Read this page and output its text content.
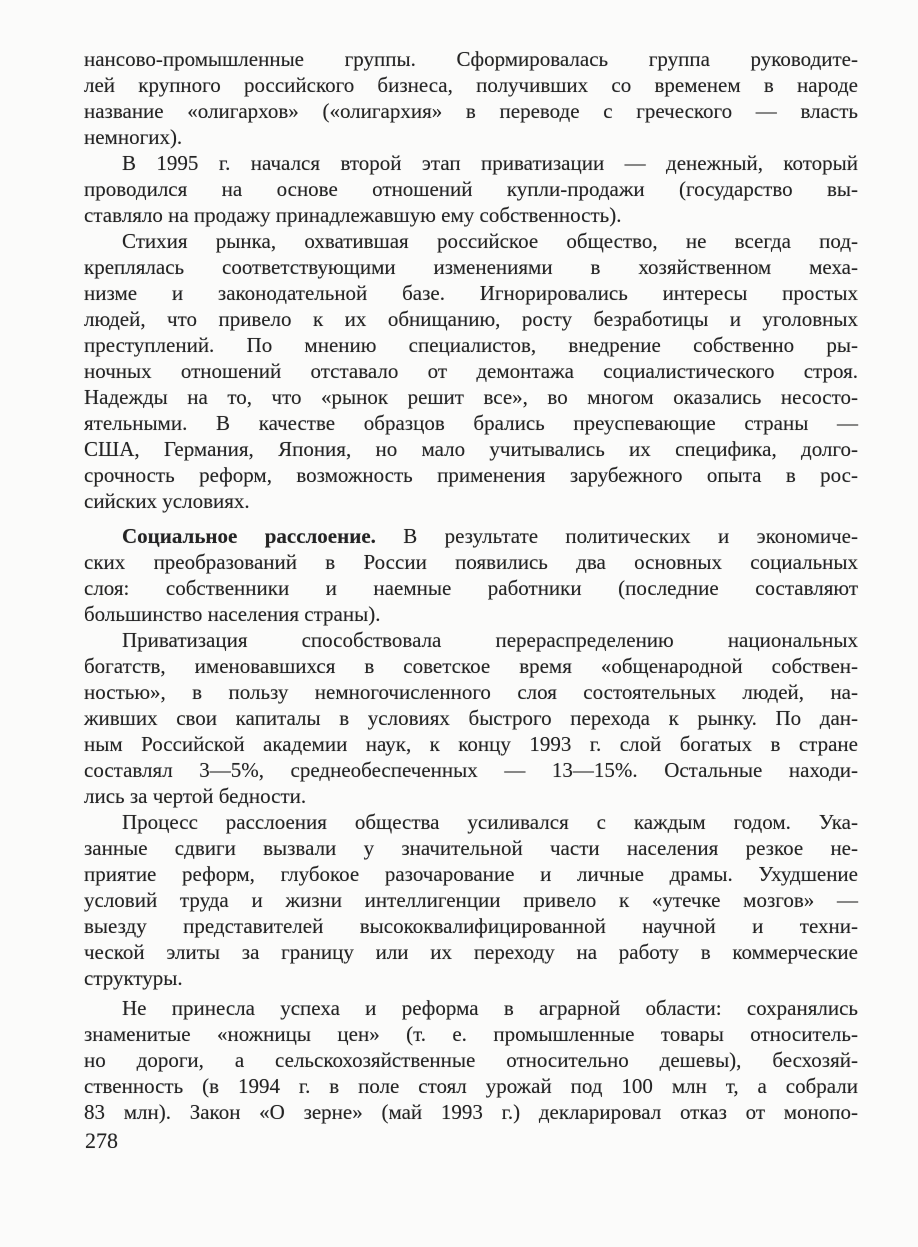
нансово-промышленные группы. Сформировалась группа руководите-
лей крупного российского бизнеса, получивших со временем в народе
название «олигархов» («олигархия» в переводе с греческого — власть
немногих).
В 1995 г. начался второй этап приватизации — денежный, который
проводился на основе отношений купли-продажи (государство вы-
ставляло на продажу принадлежавшую ему собственность).
Стихия рынка, охватившая российское общество, не всегда под-
креплялась соответствующими изменениями в хозяйственном меха-
низме и законодательной базе. Игнорировались интересы простых
людей, что привело к их обнищанию, росту безработицы и уголовных
преступлений. По мнению специалистов, внедрение собственно ры-
ночных отношений отставало от демонтажа социалистического строя.
Надежды на то, что «рынок решит все», во многом оказались несосто-
ятельными. В качестве образцов брались преуспевающие страны —
США, Германия, Япония, но мало учитывались их специфика, долго-
срочность реформ, возможность применения зарубежного опыта в рос-
сийских условиях.
Социальное расслоение. В результате политических и экономиче-
ских преобразований в России появились два основных социальных
слоя: собственники и наемные работники (последние составляют
большинство населения страны).
Приватизация способствовала перераспределению национальных
богатств, именовавшихся в советское время «общенародной собствен-
ностью», в пользу немногочисленного слоя состоятельных людей, на-
живших свои капиталы в условиях быстрого перехода к рынку. По дан-
ным Российской академии наук, к концу 1993 г. слой богатых в стране
составлял 3—5%, среднеобеспеченных — 13—15%. Остальные находи-
лись за чертой бедности.
Процесс расслоения общества усиливался с каждым годом. Ука-
занные сдвиги вызвали у значительной части населения резкое не-
приятие реформ, глубокое разочарование и личные драмы. Ухудшение
условий труда и жизни интеллигенции привело к «утечке мозгов» —
выезду представителей высококвалифицированной научной и техни-
ческой элиты за границу или их переходу на работу в коммерческие
структуры.
Не принесла успеха и реформа в аграрной области: сохранялись
знаменитые «ножницы цен» (т. е. промышленные товары относитель-
но дороги, а сельскохозяйственные относительно дешевы), бесхозяй-
ственность (в 1994 г. в поле стоял урожай под 100 млн т, а собрали
83 млн). Закон «О зерне» (май 1993 г.) декларировал отказ от монопо-
278
